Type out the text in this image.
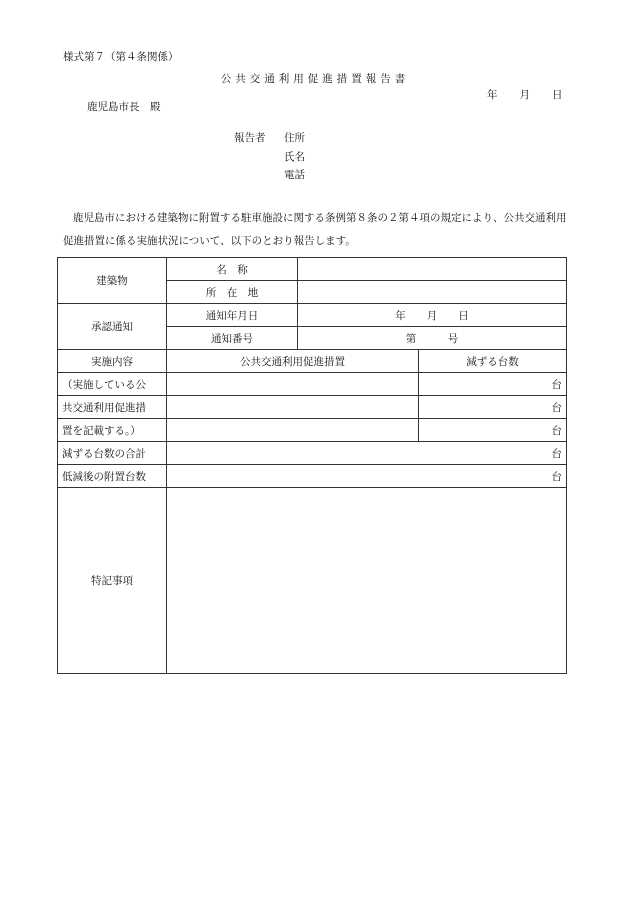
様式第７（第４条関係）
公共交通利用促進措置報告書
年 月 日
鹿児島市長　殿
報告者 住所
氏名
電話
鹿児島市における建築物に附置する駐車施設に関する条例第８条の２第４項の規定により、公共交通利用促進措置に係る実施状況について、以下のとおり報告します。
建築物	名　称		
	所　在　地		
承認通知	通知年月日	年　　月　　日	
	通知番号	第　　　号	
実施内容	公共交通利用促進措置		減ずる台数
（実施している公			台
共交通利用促進措			台
置を記載する。）			台
減ずる台数の合計	台		
低減後の附置台数	台		
特記事項			
